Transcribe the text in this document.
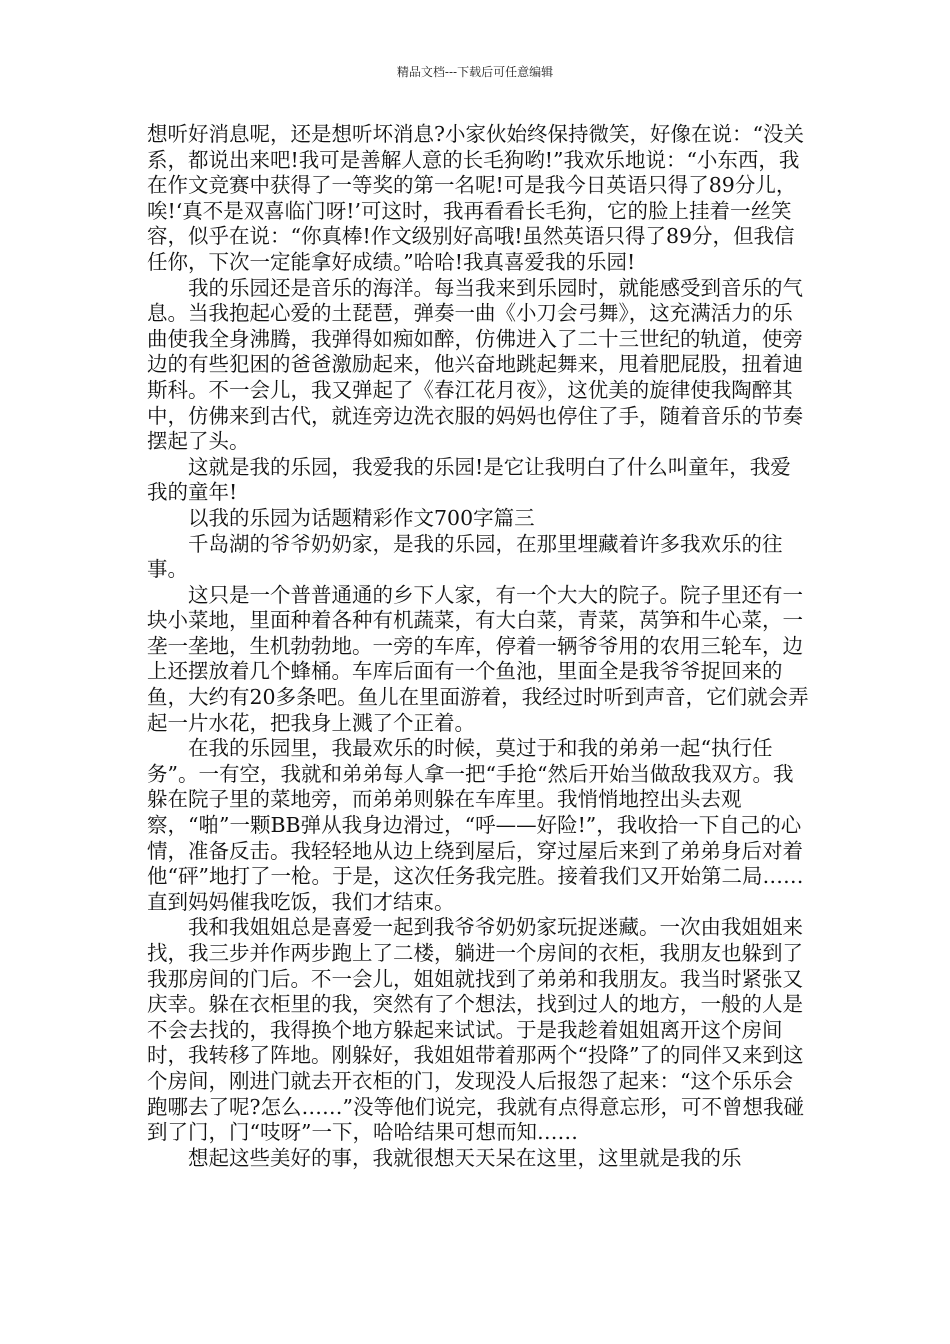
精品文档---下载后可任意编辑

想听好消息呢，还是想听坏消息?小家伙始终保持微笑，好像在说：“没关系，都说出来吧!我可是善解人意的长毛狗哟!”我欢乐地说：“小东西，我在作文竞赛中获得了一等奖的第一名呢!可是我今日英语只得了89分儿，唉!‘真不是双喜临门呀!’可这时，我再看看长毛狗，它的脸上挂着一丝笑容，似乎在说：“你真棒!作文级别好高哦!虽然英语只得了89分，但我信任你，下次一定能拿好成绩。”哈哈!我真喜爱我的乐园!

我的乐园还是音乐的海洋。每当我来到乐园时，就能感受到音乐的气息。当我抱起心爱的土琵琶，弹奏一曲《小刀会弓舞》，这充满活力的乐曲使我全身沸腾，我弹得如痴如醉，仿佛进入了二十三世纪的轨道，使旁边的有些犯困的爸爸激励起来，他兴奋地跳起舞来，甩着肥屁股，扭着迪斯科。不一会儿，我又弹起了《春江花月夜》，这优美的旋律使我陶醉其中，仿佛来到古代，就连旁边洗衣服的妈妈也停住了手，随着音乐的节奏摆起了头。

这就是我的乐园，我爱我的乐园!是它让我明白了什么叫童年，我爱我的童年!

以我的乐园为话题精彩作文700字篇三

千岛湖的爷爷奶奶家，是我的乐园，在那里埋藏着许多我欢乐的往事。

这只是一个普普通通的乡下人家，有一个大大的院子。院子里还有一块小菜地，里面种着各种有机蔬菜，有大白菜，青菜，莴笋和牛心菜，一垄一垄地，生机勃勃地。一旁的车库，停着一辆爷爷用的农用三轮车，边上还摆放着几个蜂桶。车库后面有一个鱼池，里面全是我爷爷捉回来的鱼，大约有20多条吧。鱼儿在里面游着，我经过时听到声音，它们就会弄起一片水花，把我身上溅了个正着。

在我的乐园里，我最欢乐的时候，莫过于和我的弟弟一起“执行任务”。一有空，我就和弟弟每人拿一把“手抢“然后开始当做敌我双方。我躲在院子里的菜地旁，而弟弟则躲在车库里。我悄悄地控出头去观察，“啪”一颗BB弹从我身边滑过，“呼——好险!”，我收拾一下自己的心情，准备反击。我轻轻地从边上绕到屋后，穿过屋后来到了弟弟身后对着他“砰”地打了一枪。于是，这次任务我完胜。接着我们又开始第二局……直到妈妈催我吃饭，我们才结束。

我和我姐姐总是喜爱一起到我爷爷奶奶家玩捉迷藏。一次由我姐姐来找，我三步并作两步跑上了二楼，躺进一个房间的衣柜，我朋友也躲到了我那房间的门后。不一会儿，姐姐就找到了弟弟和我朋友。我当时紧张又庆幸。躲在衣柜里的我，突然有了个想法，找到过人的地方，一般的人是不会去找的，我得换个地方躲起来试试。于是我趁着姐姐离开这个房间时，我转移了阵地。刚躲好，我姐姐带着那两个“投降”了的同伴又来到这个房间，刚进门就去开衣柜的门，发现没人后报怨了起来：“这个乐乐会跑哪去了呢?怎么……”没等他们说完，我就有点得意忘形，可不曾想我碰到了门，门“吱呀”一下，哈哈结果可想而知……

想起这些美好的事，我就很想天天呆在这里，这里就是我的乐
